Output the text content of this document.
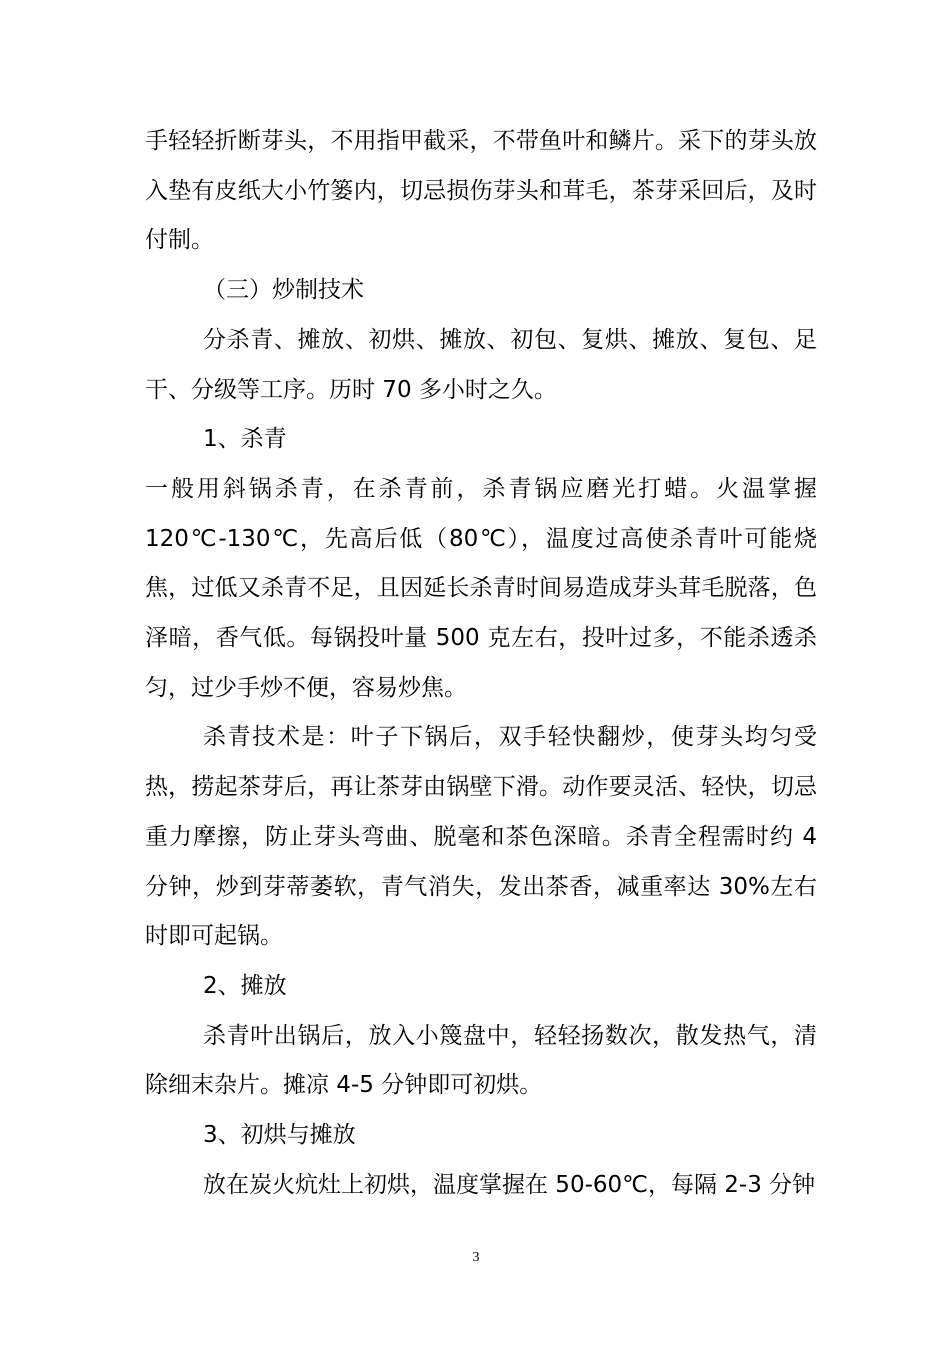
手轻轻折断芽头，不用指甲截采，不带鱼叶和鳞片。采下的芽头放入垫有皮纸大小竹篓内，切忌损伤芽头和茸毛，茶芽采回后，及时付制。

（三）炒制技术

分杀青、摊放、初烘、摊放、初包、复烘、摊放、复包、足干、分级等工序。历时 70 多小时之久。

1、杀青

一般用斜锅杀青，在杀青前，杀青锅应磨光打蜡。火温掌握 120℃-130℃，先高后低（80℃），温度过高使杀青叶可能烧焦，过低又杀青不足，且因延长杀青时间易造成芽头茸毛脱落，色泽暗，香气低。每锅投叶量 500 克左右，投叶过多，不能杀透杀匀，过少手炒不便，容易炒焦。

杀青技术是：叶子下锅后，双手轻快翻炒，使芽头均匀受热，捞起茶芽后，再让茶芽由锅壁下滑。动作要灵活、轻快，切忌重力摩擦，防止芽头弯曲、脱毫和茶色深暗。杀青全程需时约 4 分钟，炒到芽蒂萎软，青气消失，发出茶香，减重率达 30%左右时即可起锅。

2、摊放

杀青叶出锅后，放入小篾盘中，轻轻扬数次，散发热气，清除细末杂片。摊凉 4-5 分钟即可初烘。

3、初烘与摊放

放在炭火炕灶上初烘，温度掌握在 50-60℃，每隔 2-3 分钟

3
